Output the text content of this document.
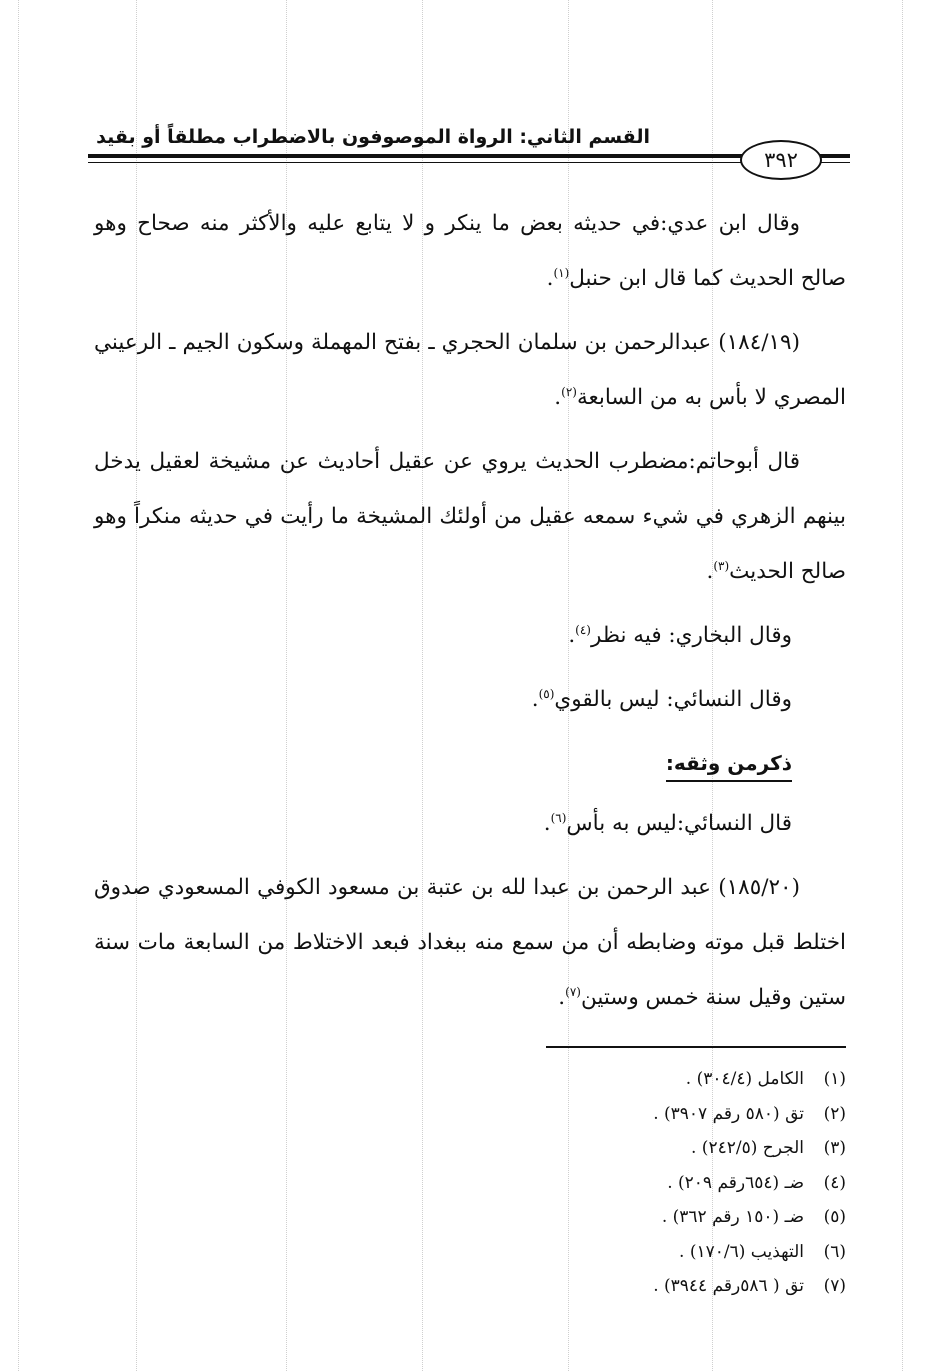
القسم الثاني: الرواة الموصوفون بالاضطراب مطلقاً أو بقيد
٣٩٢

وقال ابن عدي:في حديثه بعض ما ينكر و لا يتابع عليه والأكثر منه صحاح وهو صالح الحديث كما قال ابن حنبل$^{(١)}$.

(١٨٤/١٩) عبدالرحمن بن سلمان الحجري ـ بفتح المهملة وسكون الجيم ـ الرعيني المصري لا بأس به من السابعة$^{(٢)}$.

قال أبوحاتم:مضطرب الحديث يروي عن عقيل أحاديث عن مشيخة لعقيل يدخل بينهم الزهري في شيء سمعه عقيل من أولئك المشيخة ما رأيت في حديثه منكراً وهو صالح الحديث$^{(٣)}$.

وقال البخاري: فيه نظر$^{(٤)}$.

وقال النسائي: ليس بالقوي$^{(٥)}$.

ذكرمن وثقه:

قال النسائي:ليس به بأس$^{(٦)}$.

(١٨٥/٢٠) عبد الرحمن بن عبدا لله بن عتبة بن مسعود الكوفي المسعودي صدوق اختلط قبل موته وضابطه أن من سمع منه ببغداد فبعد الاختلاط من السابعة مات سنة ستين وقيل سنة خمس وستين$^{(٧)}$.

(١)الكامل (٣٠٤/٤) .
(٢)تق (٥٨٠ رقم ٣٩٠٧) .
(٣)الجرح (٢٤٢/٥) .
(٤)ضـ (٦٥٤رقم ٢٠٩) .
(٥)ضـ (١٥٠ رقم ٣٦٢) .
(٦)التهذيب (١٧٠/٦) .
(٧)تق ( ٥٨٦رقم ٣٩٤٤) .
